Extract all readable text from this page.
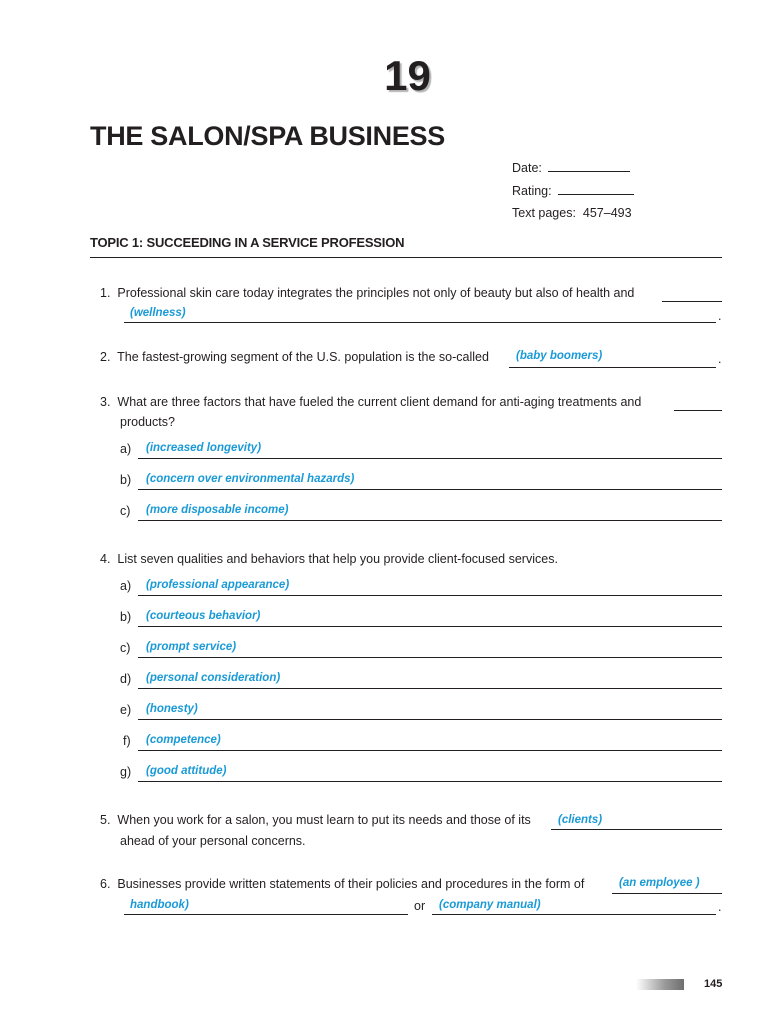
19
THE SALON/SPA BUSINESS
Date:
Rating:
Text pages: 457–493
TOPIC 1: SUCCEEDING IN A SERVICE PROFESSION
1. Professional skin care today integrates the principles not only of beauty but also of health and
(wellness)	.
2. The fastest-growing segment of the U.S. population is the so-called (baby boomers)	.
3. What are three factors that have fueled the current client demand for anti-aging treatments and
products?
a) (increased longevity)
b) (concern over environmental hazards)
c) (more disposable income)
4. List seven qualities and behaviors that help you provide client-focused services.
a) (professional appearance)
b) (courteous behavior)
c) (prompt service)
d) (personal consideration)
e) (honesty)
f) (competence)
g) (good attitude)
5. When you work for a salon, you must learn to put its needs and those of its (clients)
ahead of your personal concerns.
6. Businesses provide written statements of their policies and procedures in the form of	(an employee )
handbook)	or (company manual)	.
145
